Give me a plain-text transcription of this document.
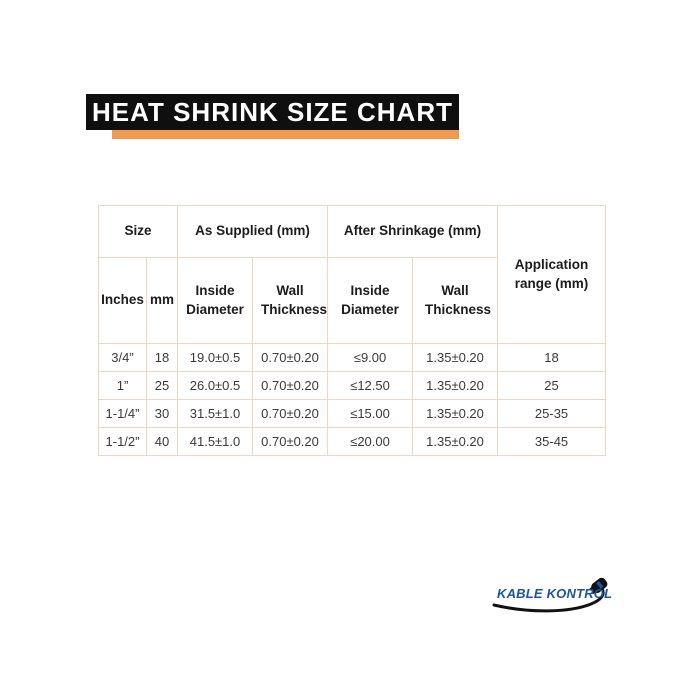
HEAT SHRINK SIZE CHART
Size		As Supplied (mm)		After Shrinkage (mm)		Application range (mm)
Inches	mm	Inside Diameter	Wall Thickness	Inside Diameter	Wall Thickness	
3/4”	18	19.0±0.5	0.70±0.20	≤9.00	1.35±0.20	18
1”	25	26.0±0.5	0.70±0.20	≤12.50	1.35±0.20	25
1-1/4”	30	31.5±1.0	0.70±0.20	≤15.00	1.35±0.20	25-35
1-1/2”	40	41.5±1.0	0.70±0.20	≤20.00	1.35±0.20	35-45
KABLE KONTROL
